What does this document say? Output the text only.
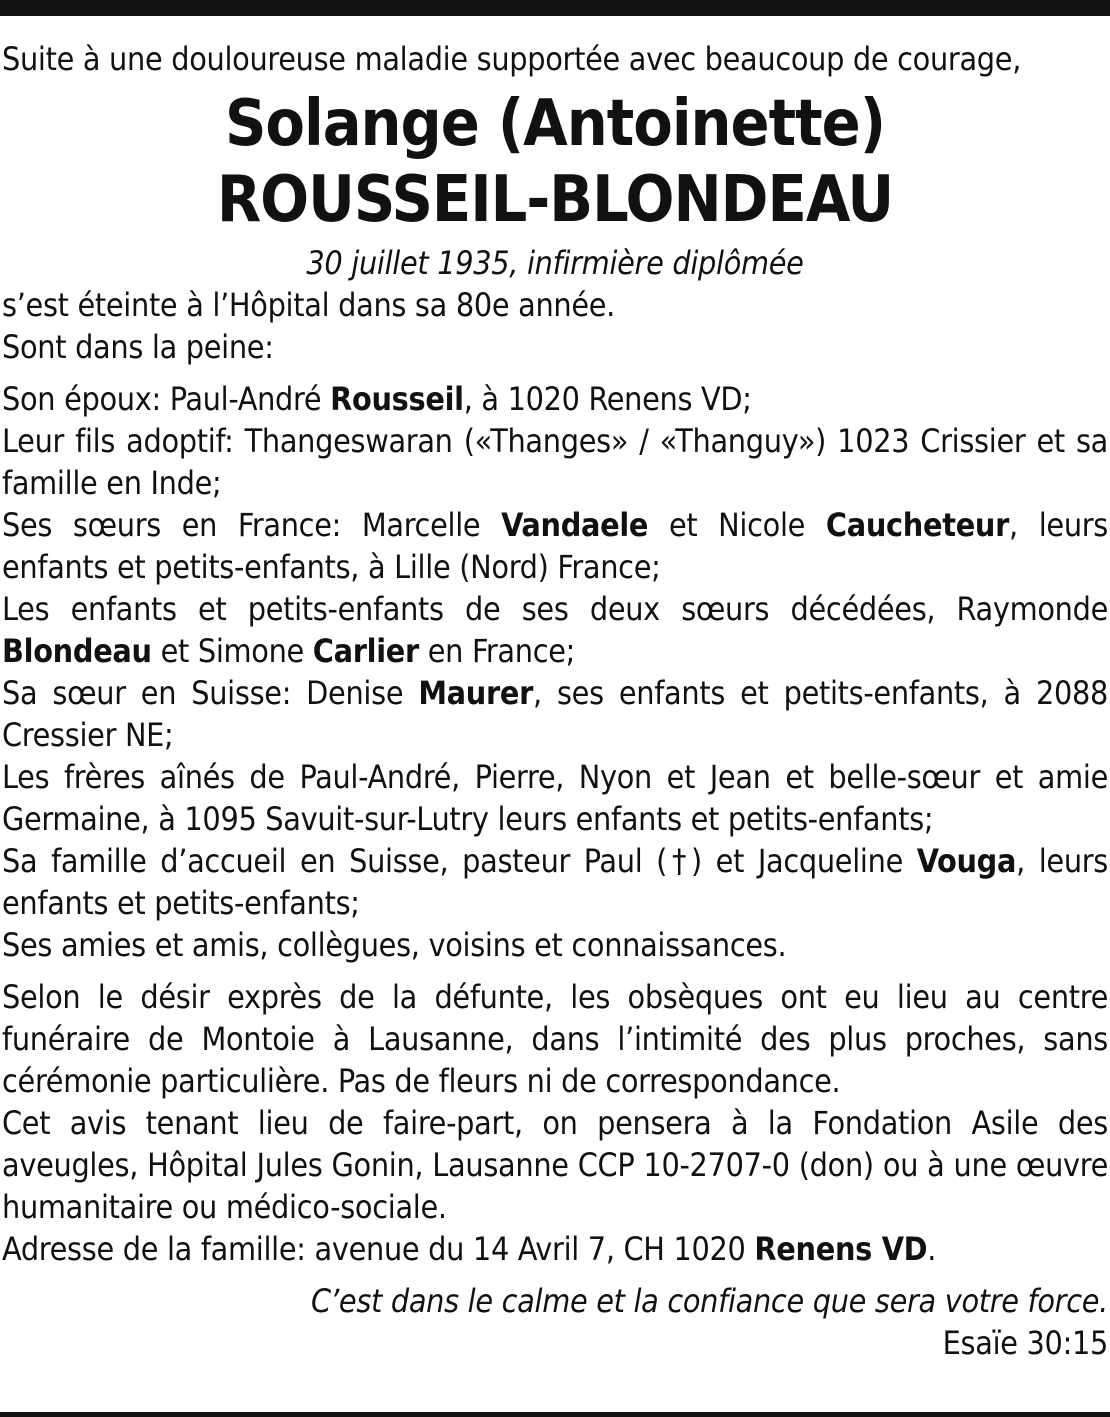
Suite à une douloureuse maladie supportée avec beaucoup de courage,

Solange (Antoinette)
ROUSSEIL-BLONDEAU

30 juillet 1935, infirmière diplômée

s’est éteinte à l’Hôpital dans sa 80e année.

Sont dans la peine:

Son époux: Paul-André Rousseil, à 1020 Renens VD;

Leur fils adoptif: Thangeswaran («Thanges» / «Thanguy») 1023 Crissier et sa famille en Inde;

Ses sœurs en France: Marcelle Vandaele et Nicole Caucheteur, leurs enfants et petits-enfants, à Lille (Nord) France;

Les enfants et petits-enfants de ses deux sœurs décédées, Raymonde Blondeau et Simone Carlier en France;

Sa sœur en Suisse: Denise Maurer, ses enfants et petits-enfants, à 2088 Cressier NE;

Les frères aînés de Paul-André, Pierre, Nyon et Jean et belle-sœur et amie Germaine, à 1095 Savuit-sur-Lutry leurs enfants et petits-enfants;

Sa famille d’accueil en Suisse, pasteur Paul (†) et Jacqueline Vouga, leurs enfants et petits-enfants;

Ses amies et amis, collègues, voisins et connaissances.

Selon le désir exprès de la défunte, les obsèques ont eu lieu au centre funéraire de Montoie à Lausanne, dans l’intimité des plus proches, sans cérémonie particulière. Pas de fleurs ni de correspondance.

Cet avis tenant lieu de faire-part, on pensera à la Fondation Asile des aveugles, Hôpital Jules Gonin, Lausanne CCP 10-2707-0 (don) ou à une œuvre humanitaire ou médico-sociale.

Adresse de la famille: avenue du 14 Avril 7, CH 1020 Renens VD.

C’est dans le calme et la confiance que sera votre force.

Esaïe 30:15
